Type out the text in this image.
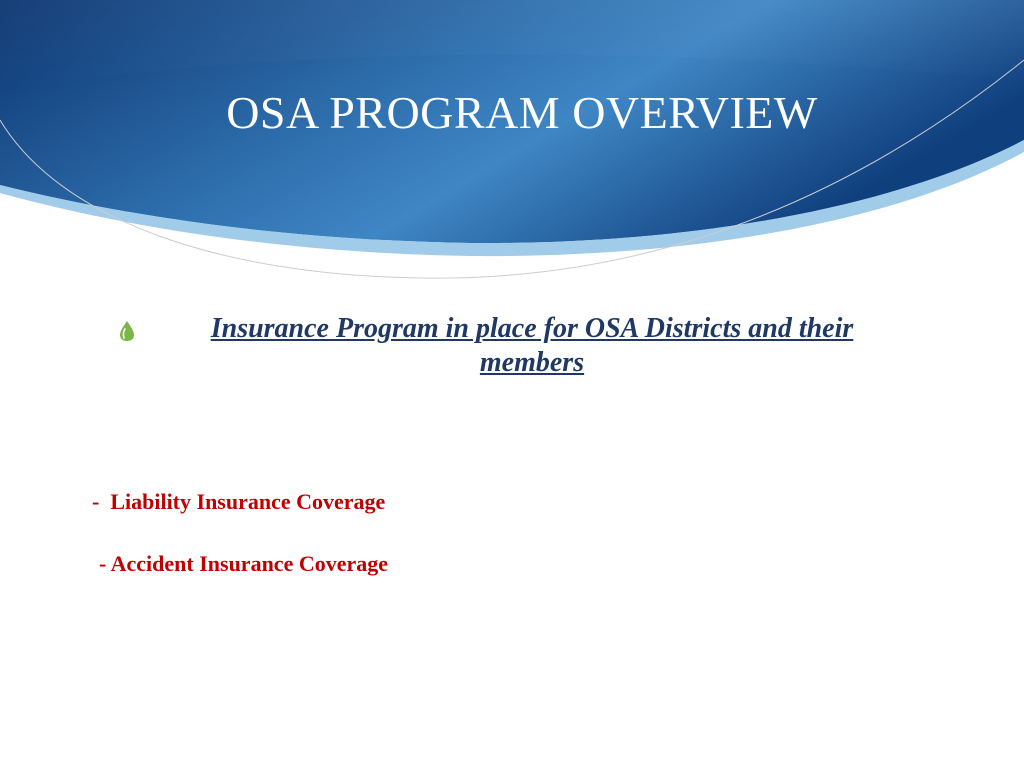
OSA PROGRAM OVERVIEW
Insurance Program in place for OSA Districts and their members
- Liability Insurance Coverage
- Accident Insurance Coverage
